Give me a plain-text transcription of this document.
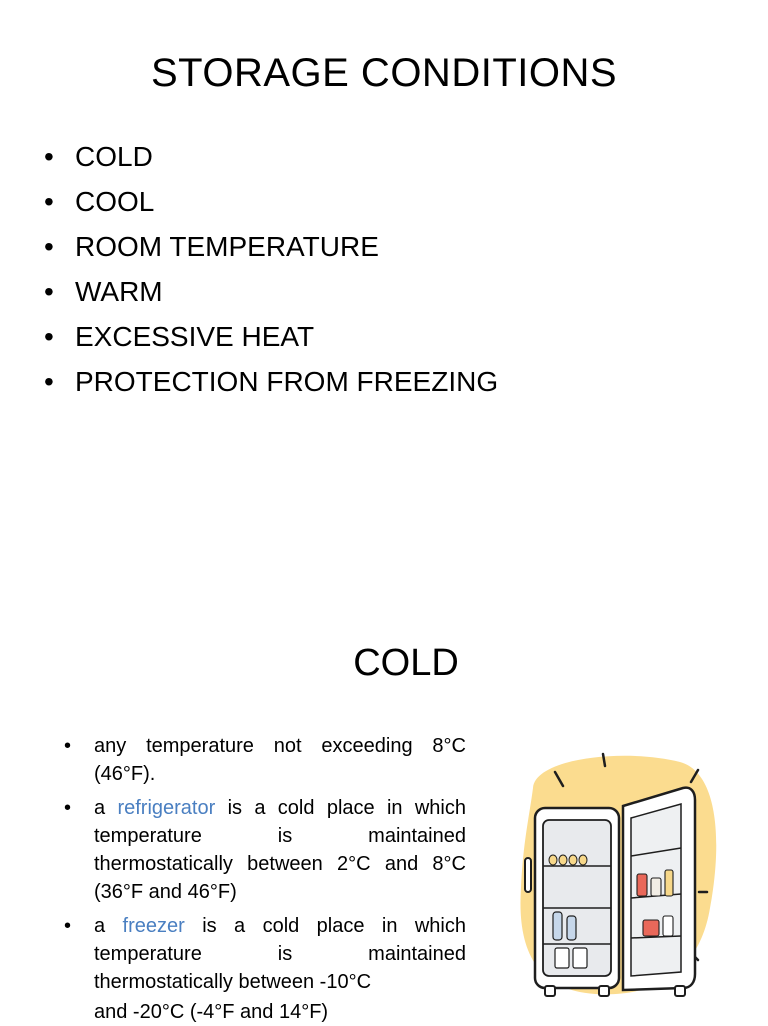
STORAGE CONDITIONS
• COLD
• COOL
• ROOM TEMPERATURE
• WARM
• EXCESSIVE HEAT
• PROTECTION FROM FREEZING
COLD
• any temperature not exceeding 8°C (46°F).
• a refrigerator is a cold place in which temperature is maintained thermostatically between 2°C and 8°C (36°F and 46°F)
• a freezer is a cold place in which temperature is maintained thermostatically between -10°C
and -20°C (-4°F and 14°F)
